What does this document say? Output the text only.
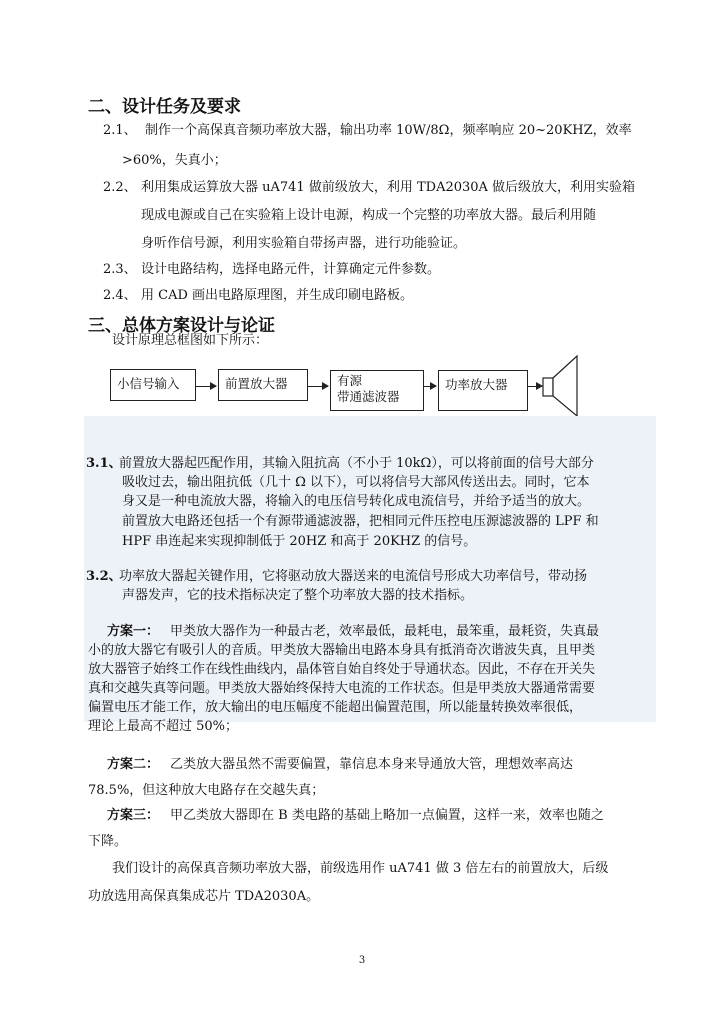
二、设计任务及要求
2.1、 制作一个高保真音频功率放大器，输出功率 10W/8Ω，频率响应 20~20KHZ，效率
>60%，失真小；
2.2、 利用集成运算放大器 uA741 做前级放大，利用 TDA2030A 做后级放大，利用实验箱
现成电源或自己在实验箱上设计电源，构成一个完整的功率放大器。最后利用随
身听作信号源，利用实验箱自带扬声器，进行功能验证。
2.3、 设计电路结构，选择电路元件，计算确定元件参数。
2.4、 用 CAD 画出电路原理图，并生成印刷电路板。
三、总体方案设计与论证
设计原理总框图如下所示：
小信号输入	前置放大器	有源
带通滤波器
功率放大器
3.1、
前置放大器起匹配作用，其输入阻抗高（不小于 10kΩ），可以将前面的信号大部分
吸收过去，输出阻抗低（几十 Ω 以下），可以将信号大部风传送出去。同时，它本
身又是一种电流放大器，将输入的电压信号转化成电流信号，并给予适当的放大。
前置放大电路还包括一个有源带通滤波器，把相同元件压控电压源滤波器的 LPF 和
HPF 串连起来实现抑制低于 20HZ 和高于 20KHZ 的信号。
3.2、
功率放大器起关键作用，它将驱动放大器送来的电流信号形成大功率信号，带动扬
声器发声，它的技术指标决定了整个功率放大器的技术指标。
方案一： 甲类放大器作为一种最古老，效率最低，最耗电，最笨重，最耗资，失真最
小的放大器它有吸引人的音质。甲类放大器输出电路本身具有抵消奇次谐波失真，且甲类
放大器管子始终工作在线性曲线内，晶体管自始自终处于导通状态。因此，不存在开关失
真和交越失真等问题。甲类放大器始终保持大电流的工作状态。但是甲类放大器通常需要
偏置电压才能工作，放大输出的电压幅度不能超出偏置范围，所以能量转换效率很低，
理论上最高不超过 50%；
方案二： 乙类放大器虽然不需要偏置，靠信息本身来导通放大管，理想效率高达
78.5%，但这种放大电路存在交越失真；
方案三： 甲乙类放大器即在 B 类电路的基础上略加一点偏置，这样一来，效率也随之
下降。
我们设计的高保真音频功率放大器，前级选用作 uA741 做 3 倍左右的前置放大，后级
功放选用高保真集成芯片 TDA2030A。
3
